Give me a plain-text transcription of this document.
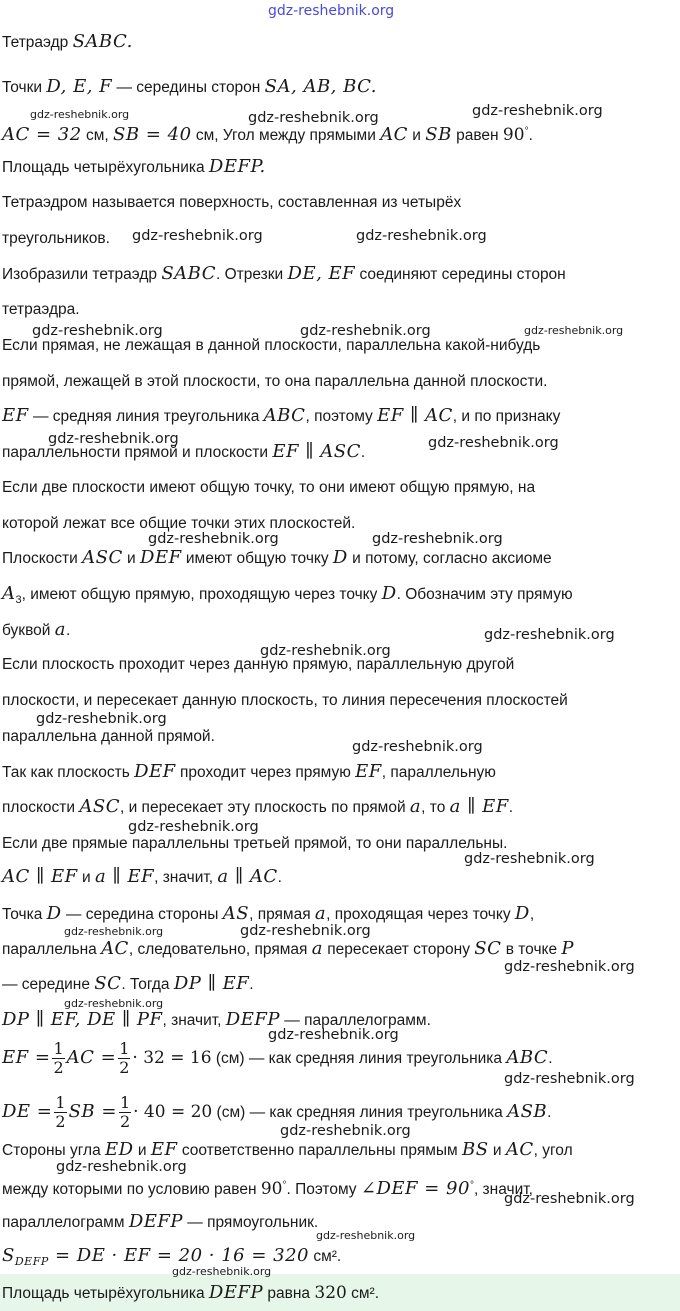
gdz-reshebnik.org
Тетраэдр SABC.
Точки D, E, F — середины сторон SA, AB, BC.
AC = 32 см, SB = 40 см, Угол между прямыми AC и SB равен 90°.
Площадь четырёхугольника DEFP.
Тетраэдром называется поверхность, составленная из четырёх
треугольников.
Изобразили тетраэдр SABC. Отрезки DE, EF соединяют середины сторон
тетраэдра.
Если прямая, не лежащая в данной плоскости, параллельна какой-нибудь
прямой, лежащей в этой плоскости, то она параллельна данной плоскости.
EF — средняя линия треугольника ABC, поэтому EF ∥ AC, и по признаку
параллельности прямой и плоскости EF ∥ ASC.
Если две плоскости имеют общую точку, то они имеют общую прямую, на
которой лежат все общие точки этих плоскостей.
Плоскости ASC и DEF имеют общую точку D и потому, согласно аксиоме
$A_3$, имеют общую прямую, проходящую через точку D. Обозначим эту прямую
буквой a.
Если плоскость проходит через данную прямую, параллельную другой
плоскости, и пересекает данную плоскость, то линия пересечения плоскостей
параллельна данной прямой.
Так как плоскость DEF проходит через прямую EF, параллельную
плоскости ASC, и пересекает эту плоскость по прямой a, то a ∥ EF.
Если две прямые параллельны третьей прямой, то они параллельны.
AC ∥ EF и a ∥ EF, значит, a ∥ AC.
Точка D — середина стороны AS, прямая a, проходящая через точку D,
параллельна AC, следовательно, прямая a пересекает сторону SC в точке P
— середине SC. Тогда DP ∥ EF.
DP ∥ EF, DE ∥ PF, значит, DEFP — параллелограмм.
EF = $\frac{1}{2}$ AC = $\frac{1}{2} \cdot 32 = 16$ (см) — как средняя линия треугольника ABC.
DE = $\frac{1}{2}$ SB = $\frac{1}{2} \cdot 40 = 20$ (см) — как средняя линия треугольника ASB.
Стороны угла ED и EF соответственно параллельны прямым BS и AC, угол
между которыми по условию равен 90°. Поэтому ∠DEF = 90°, значит,
параллелограмм DEFP — прямоугольник.
$S_{DEFP}$ = DE · EF = 20 · 16 = 320 см².
Площадь четырёхугольника DEFP равна 320 см².
gdz-reshebnik.org	gdz-reshebnik.org	gdz-reshebnik.org
gdz-reshebnik.org	gdz-reshebnik.org
gdz-reshebnik.org	gdz-reshebnik.org	gdz-reshebnik.org
gdz-reshebnik.org	gdz-reshebnik.org
gdz-reshebnik.org	gdz-reshebnik.org
gdz-reshebnik.org
gdz-reshebnik.org
gdz-reshebnik.org
gdz-reshebnik.org
gdz-reshebnik.org
gdz-reshebnik.org
gdz-reshebnik.org	gdz-reshebnik.org
gdz-reshebnik.org
gdz-reshebnik.org
gdz-reshebnik.org
gdz-reshebnik.org
gdz-reshebnik.org
gdz-reshebnik.org
gdz-reshebnik.org
gdz-reshebnik.org
gdz-reshebnik.org
